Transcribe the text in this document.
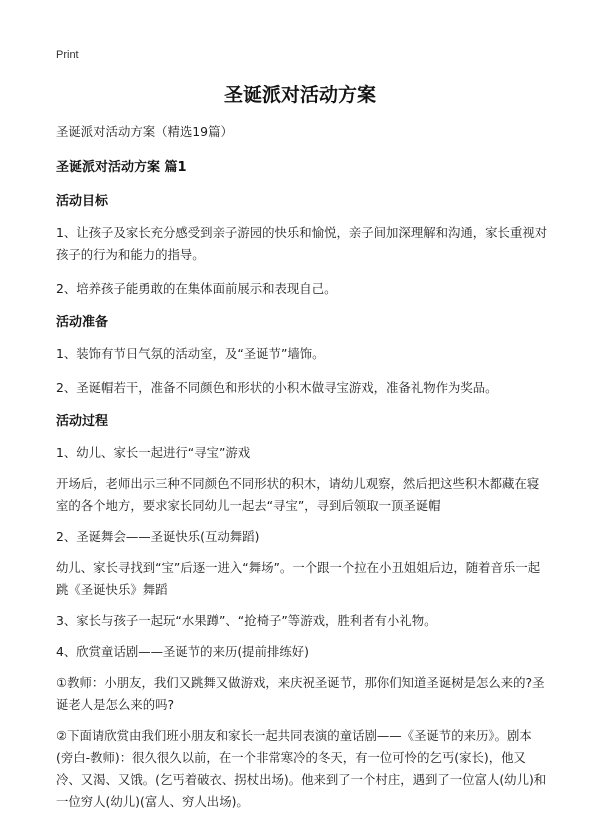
Print
圣诞派对活动方案

圣诞派对活动方案（精选19篇）

圣诞派对活动方案 篇1

活动目标

1、让孩子及家长充分感受到亲子游园的快乐和愉悦，亲子间加深理解和沟通，家长重视对孩子的行为和能力的指导。

2、培养孩子能勇敢的在集体面前展示和表现自己。

活动准备

1、装饰有节日气氛的活动室，及“圣诞节”墙饰。

2、圣诞帽若干，准备不同颜色和形状的小积木做寻宝游戏，准备礼物作为奖品。

活动过程

1、幼儿、家长一起进行“寻宝”游戏

开场后，老师出示三种不同颜色不同形状的积木，请幼儿观察，然后把这些积木都藏在寝室的各个地方，要求家长同幼儿一起去“寻宝”，寻到后领取一顶圣诞帽

2、圣诞舞会——圣诞快乐(互动舞蹈)

幼儿、家长寻找到“宝”后逐一进入“舞场”。一个跟一个拉在小丑姐姐后边，随着音乐一起跳《圣诞快乐》舞蹈

3、家长与孩子一起玩“水果蹲”、“抢椅子”等游戏，胜利者有小礼物。

4、欣赏童话剧——圣诞节的来历(提前排练好)

①教师：小朋友，我们又跳舞又做游戏，来庆祝圣诞节，那你们知道圣诞树是怎么来的?圣诞老人是怎么来的吗?

②下面请欣赏由我们班小朋友和家长一起共同表演的童话剧——《圣诞节的来历》。剧本(旁白-教师)：很久很久以前，在一个非常寒冷的冬天，有一位可怜的乞丐(家长)，他又冷、又渴、又饿。(乞丐着破衣、拐杖出场)。他来到了一个村庄，遇到了一位富人(幼儿)和一位穷人(幼儿)(富人、穷人出场)。
